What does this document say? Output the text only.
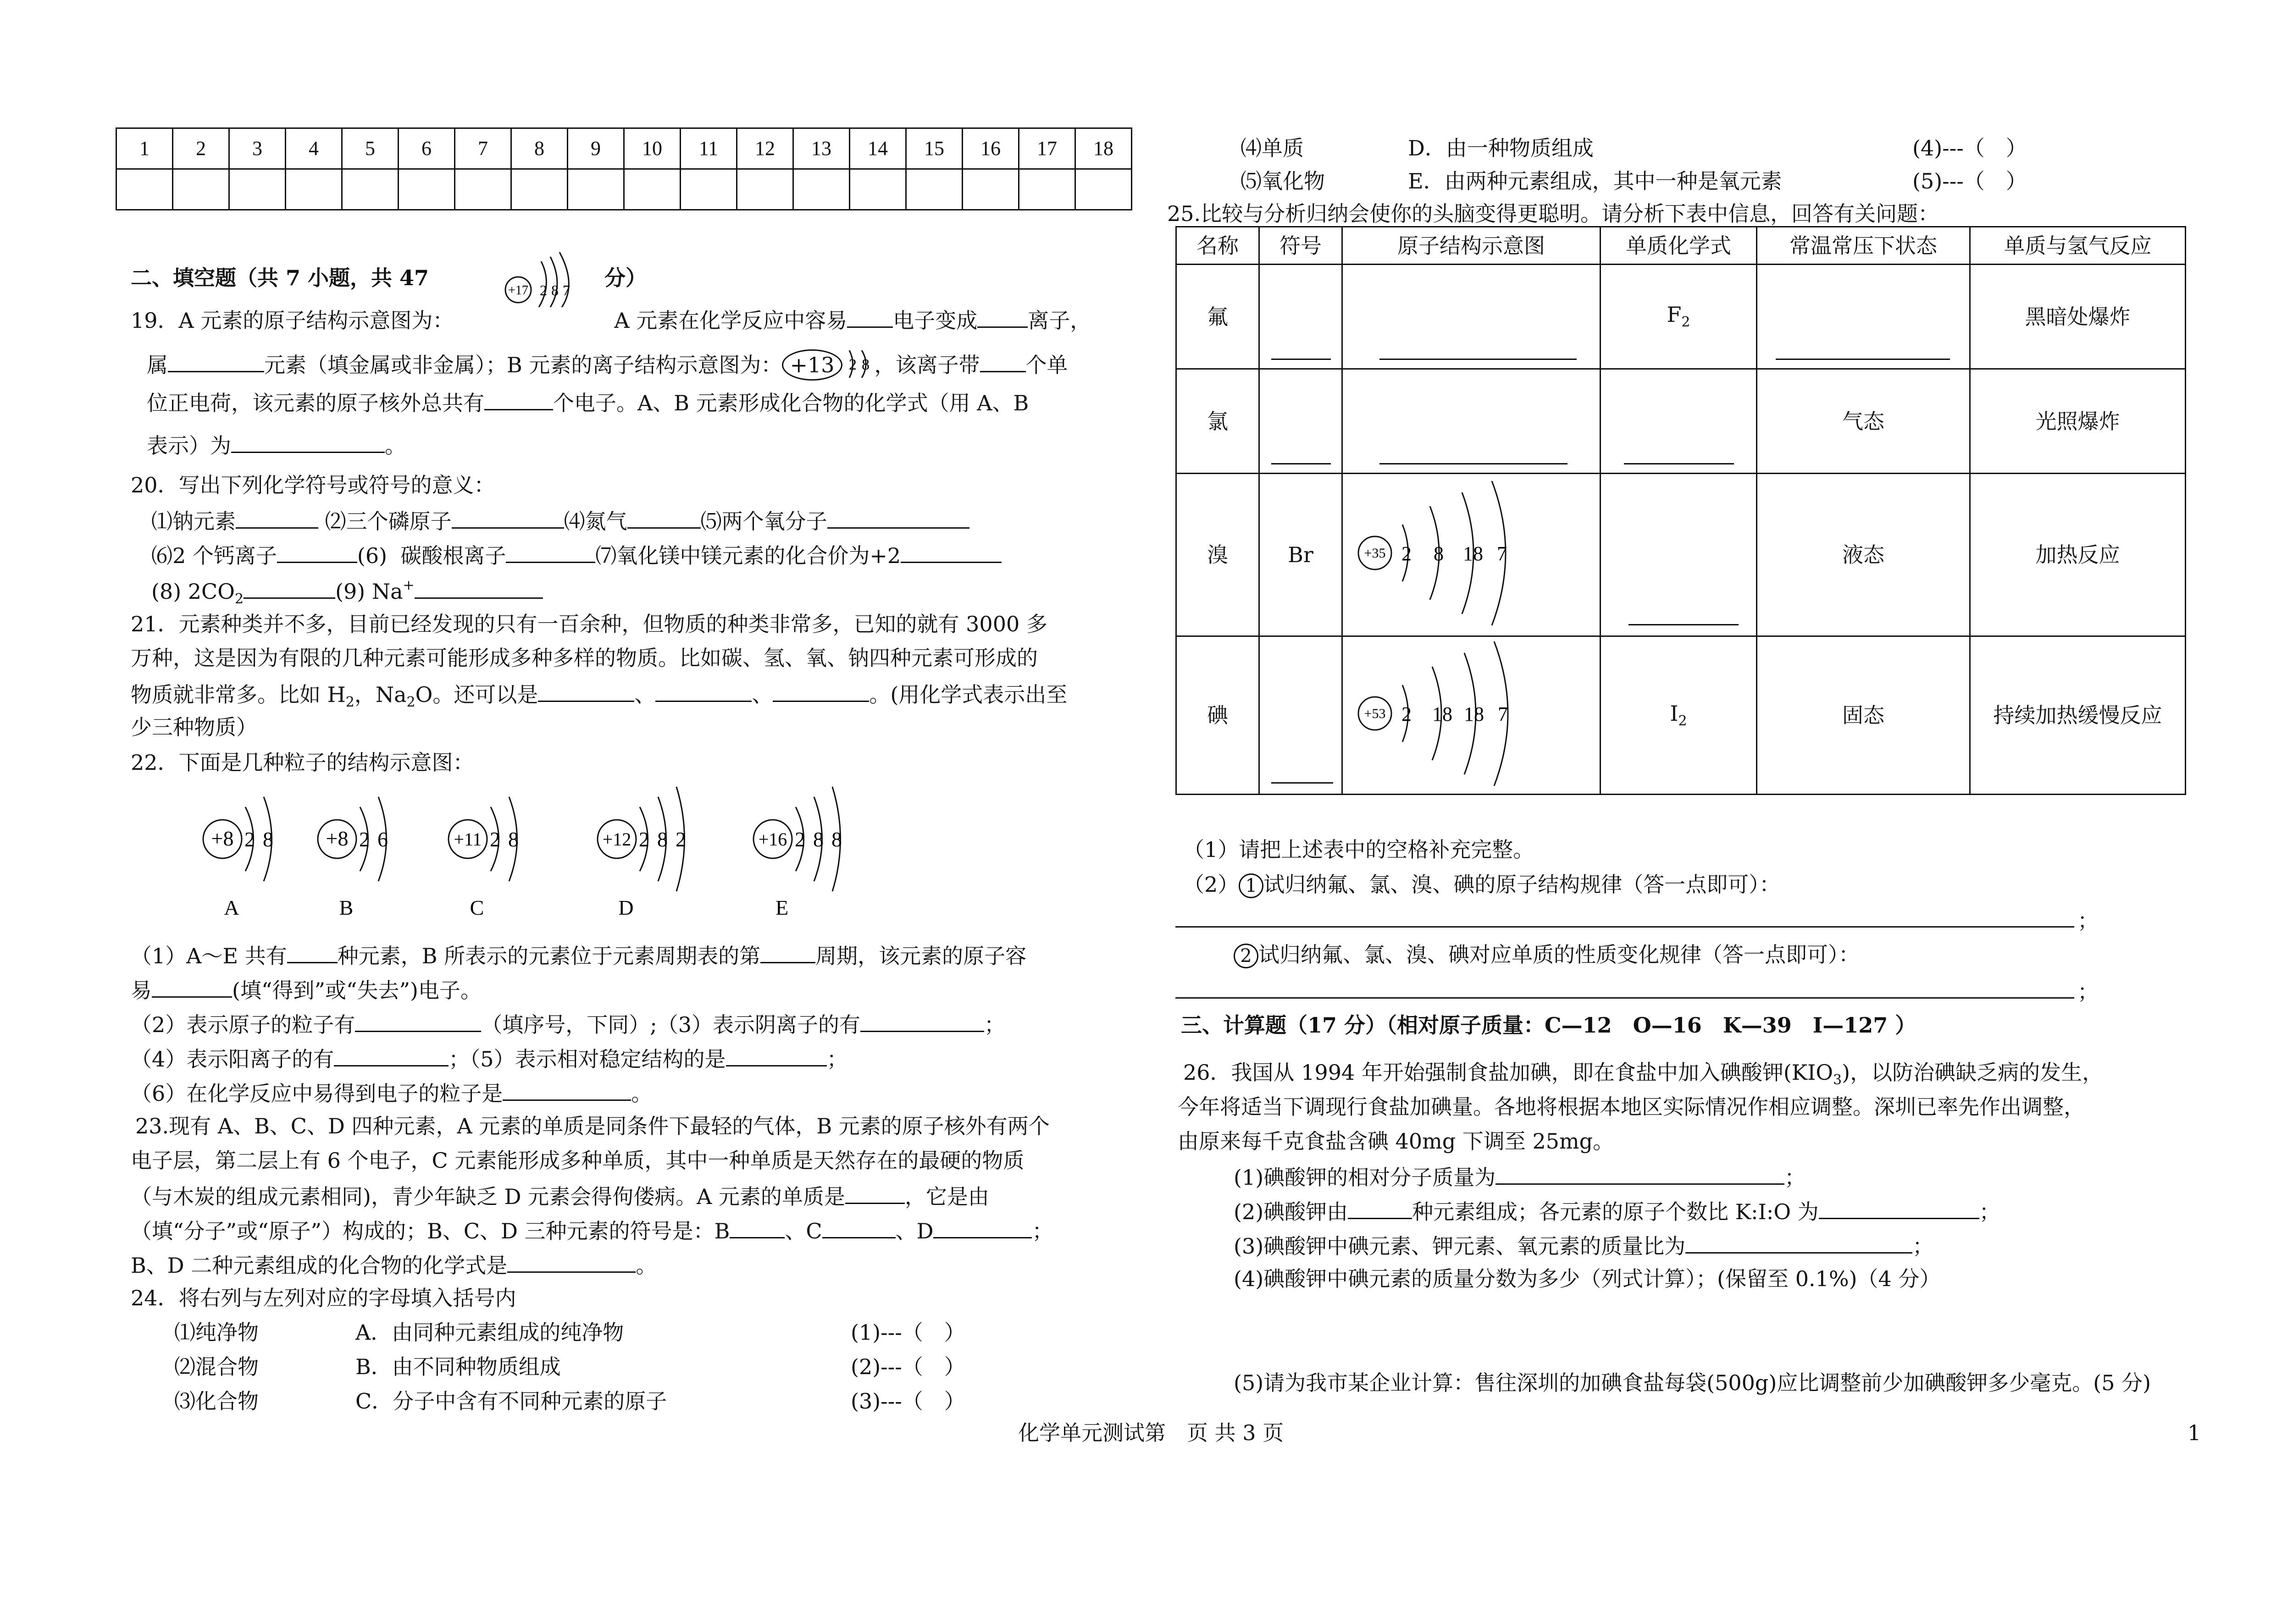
1	2	3	4	5	6	7	8	9	10	11	12	13	14	15	16	17	18

二、填空题（共 7 小题，共 47
+17 2 8 7 分）
19．A 元素的原子结构示意图为：	A 元素在化学反应中容易 电子变成 离子，
属	元素（填金属或非金属）；B 元素的离子结构示意图为： +13 2 8 ，该离子带 个单
位正电荷，该元素的原子核外总共有	个电子。A、B 元素形成化合物的化学式（用 A、B
表示）为	。
20．写出下列化学符号或符号的意义：
⑴钠元素	⑵三个磷原子	⑷氮气	⑸两个氧分子
⑹2 个钙离子	(6) 碳酸根离子	⑺氧化镁中镁元素的化合价为+2
(8) $2CO_2$	(9) Na+
21．元素种类并不多，目前已经发现的只有一百余种，但物质的种类非常多，已知的就有 3000 多
万种，这是因为有限的几种元素可能形成多种多样的物质。比如碳、氢、氧、钠四种元素可形成的
物质就非常多。比如 $H_2$，$Na_2O$。还可以是	、	、	。(用化学式表示出至
少三种物质）
22．下面是几种粒子的结构示意图：
+8 2 8
A
+8 2 6
B
+11 2 8
C
+12 2 8 2
D
+16 2 8 8
E
（1）A～E 共有 种元素，B 所表示的元素位于元素周期表的第	周期，该元素的原子容
易	(填“得到”或“失去”)电子。
（2）表示原子的粒子有	（填序号，下同）;（3）表示阴离子的有	；
（4）表示阳离子的有	；（5）表示相对稳定结构的是	；
（6）在化学反应中易得到电子的粒子是	。
23.现有 A、B、C、D 四种元素，A 元素的单质是同条件下最轻的气体，B 元素的原子核外有两个
电子层，第二层上有 6 个电子，C 元素能形成多种单质，其中一种单质是天然存在的最硬的物质
（与木炭的组成元素相同)，青少年缺乏 D 元素会得佝偻病。A 元素的单质是	，它是由
（填“分子”或“原子”）构成的；B、C、D 三种元素的符号是：B	、C	、D	；
B、D 二种元素组成的化合物的化学式是	。
24．将右列与左列对应的字母填入括号内
⑴纯净物	A．由同种元素组成的纯净物	(1)---（　）
⑵混合物	B．由不同种物质组成	(2)---（　）
⑶化合物	C．分子中含有不同种元素的原子	(3)---（　）
⑷单质	D．由一种物质组成	(4)---（　）
⑸氧化物	E．由两种元素组成，其中一种是氧元素	(5)---（　）
25.比较与分析归纳会使你的头脑变得更聪明。请分析下表中信息，回答有关问题：
名称	符号	原子结构示意图	单质化学式	常温常压下状态	单质与氢气反应
氟			$F_2$		黑暗处爆炸
氯				气态	光照爆炸
溴	Br	+35 2 8 18 7		液态	加热反应
碘		+53 2 18 18 7	$I_2$	固态	持续加热缓慢反应
（1）请把上述表中的空格补充完整。
（2） 1 试归纳氟、氯、溴、碘的原子结构规律（答一点即可）：
；
2 试归纳氟、氯、溴、碘对应单质的性质变化规律（答一点即可）：
；
三、计算题（17 分）（相对原子质量：C—12　O—16　K—39　I—127 ）
26．我国从 1994 年开始强制食盐加碘，即在食盐中加入碘酸钾$(KIO_3)$，以防治碘缺乏病的发生，
今年将适当下调现行食盐加碘量。各地将根据本地区实际情况作相应调整。深圳已率先作出调整，
由原来每千克食盐含碘 40mg 下调至 25mg。
(1)碘酸钾的相对分子质量为	；
(2)碘酸钾由	种元素组成；各元素的原子个数比 K:I:O 为	；
(3)碘酸钾中碘元素、钾元素、氧元素的质量比为	；
(4)碘酸钾中碘元素的质量分数为多少（列式计算）；(保留至 0.1%)（4 分）
(5)请为我市某企业计算：售往深圳的加碘食盐每袋(500g)应比调整前少加碘酸钾多少毫克。(5 分)
化学单元测试第　页 共 3 页	1
